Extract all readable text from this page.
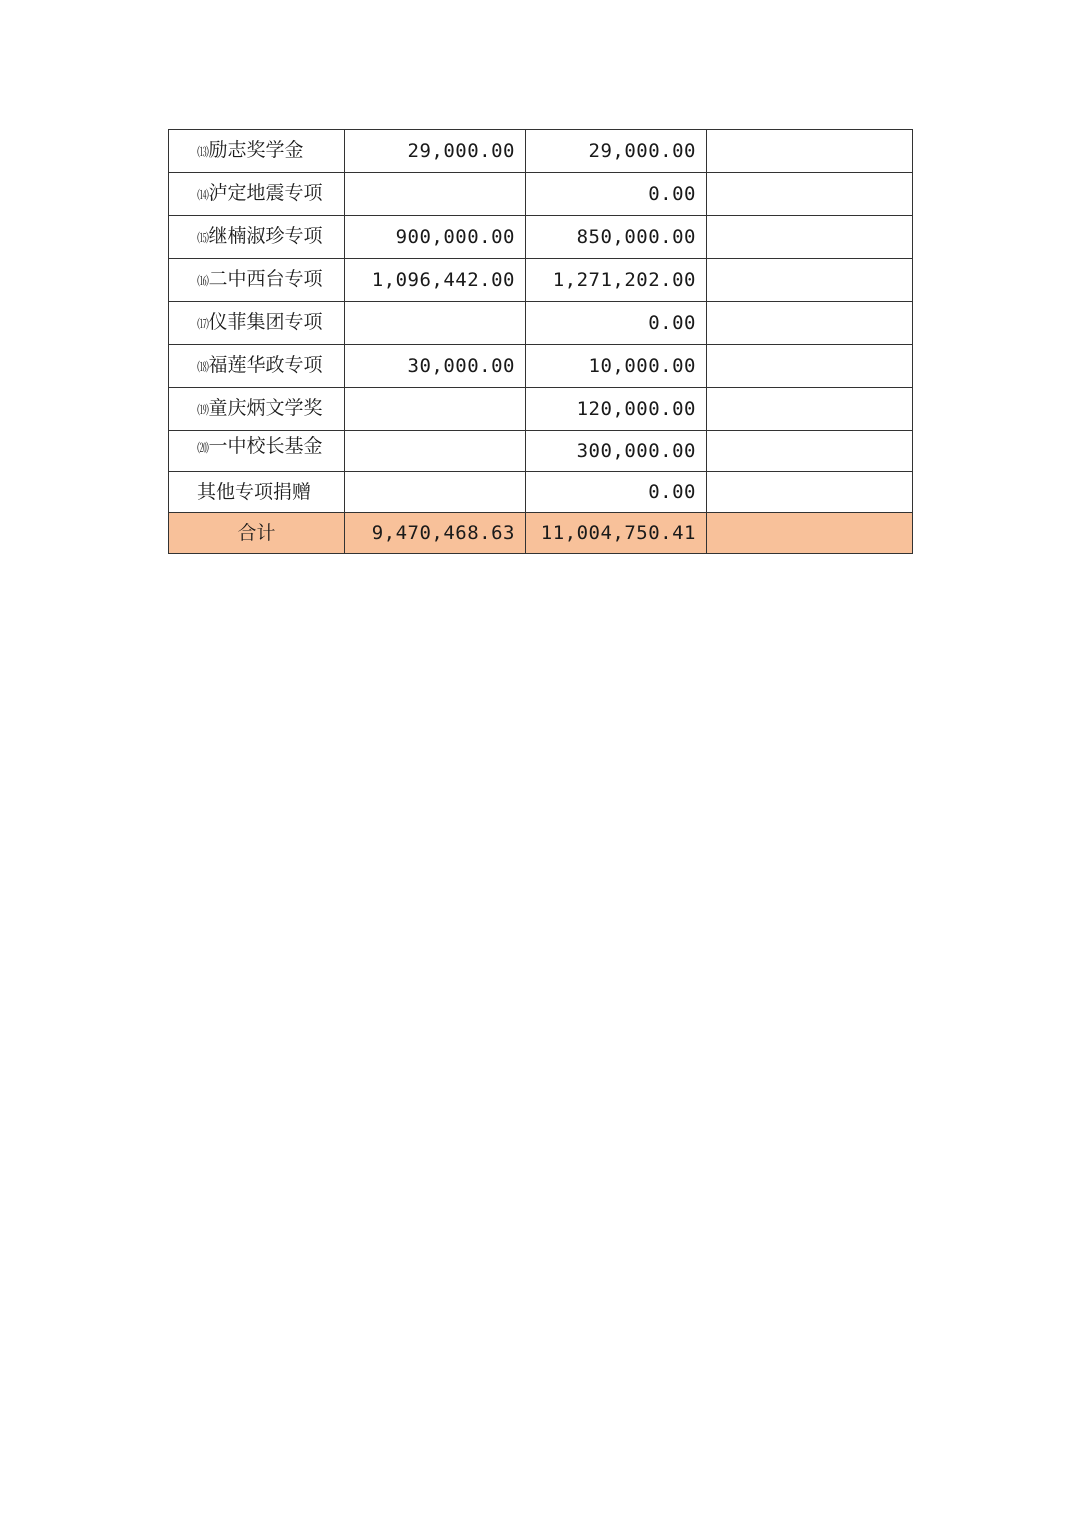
⒀励志奖学金	29,000.00	29,000.00	
⒁泸定地震专项		0.00	
⒂继楠淑珍专项	900,000.00	850,000.00	
⒃二中西台专项	1,096,442.00	1,271,202.00	
⒄仪菲集团专项		0.00	
⒅福莲华政专项	30,000.00	10,000.00	
⒆童庆炳文学奖		120,000.00	
⒇一中校长基金		300,000.00	
其他专项捐赠		0.00	
合计	9,470,468.63	11,004,750.41	
